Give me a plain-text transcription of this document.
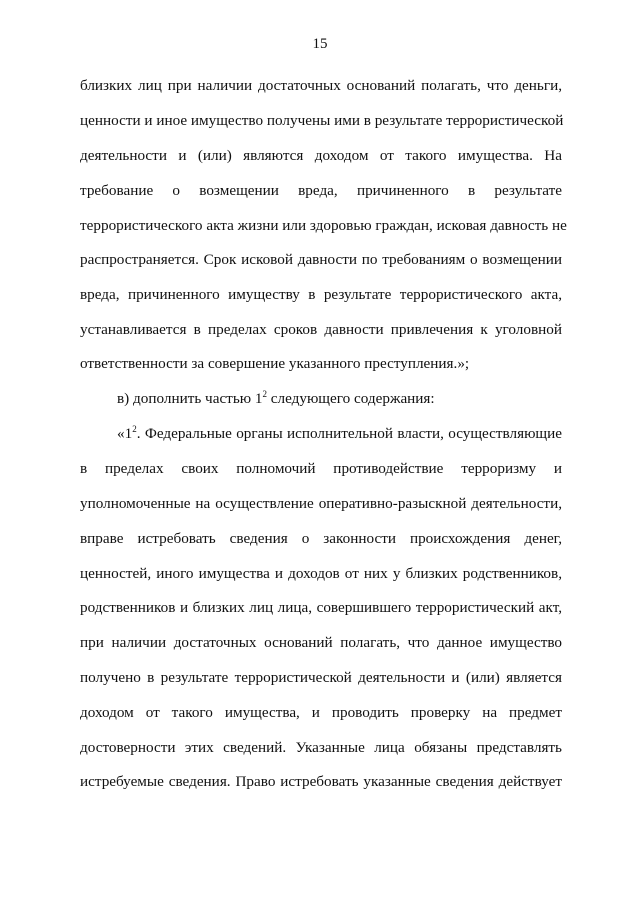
15
близких лиц при наличии достаточных оснований полагать, что деньги,
ценности и иное имущество получены ими в результате террористической
деятельности и (или) являются доходом от такого имущества. На
требование о возмещении вреда, причиненного в результате
террористического акта жизни или здоровью граждан, исковая давность не
распространяется. Срок исковой давности по требованиям о возмещении
вреда, причиненного имуществу в результате террористического акта,
устанавливается в пределах сроков давности привлечения к уголовной
ответственности за совершение указанного преступления.»;
в) дополнить частью $1^2$ следующего содержания:
«$1^2$. Федеральные органы исполнительной власти, осуществляющие
в пределах своих полномочий противодействие терроризму и
уполномоченные на осуществление оперативно-разыскной деятельности,
вправе истребовать сведения о законности происхождения денег,
ценностей, иного имущества и доходов от них у близких родственников,
родственников и близких лиц лица, совершившего террористический акт,
при наличии достаточных оснований полагать, что данное имущество
получено в результате террористической деятельности и (или) является
доходом от такого имущества, и проводить проверку на предмет
достоверности этих сведений. Указанные лица обязаны представлять
истребуемые сведения. Право истребовать указанные сведения действует
